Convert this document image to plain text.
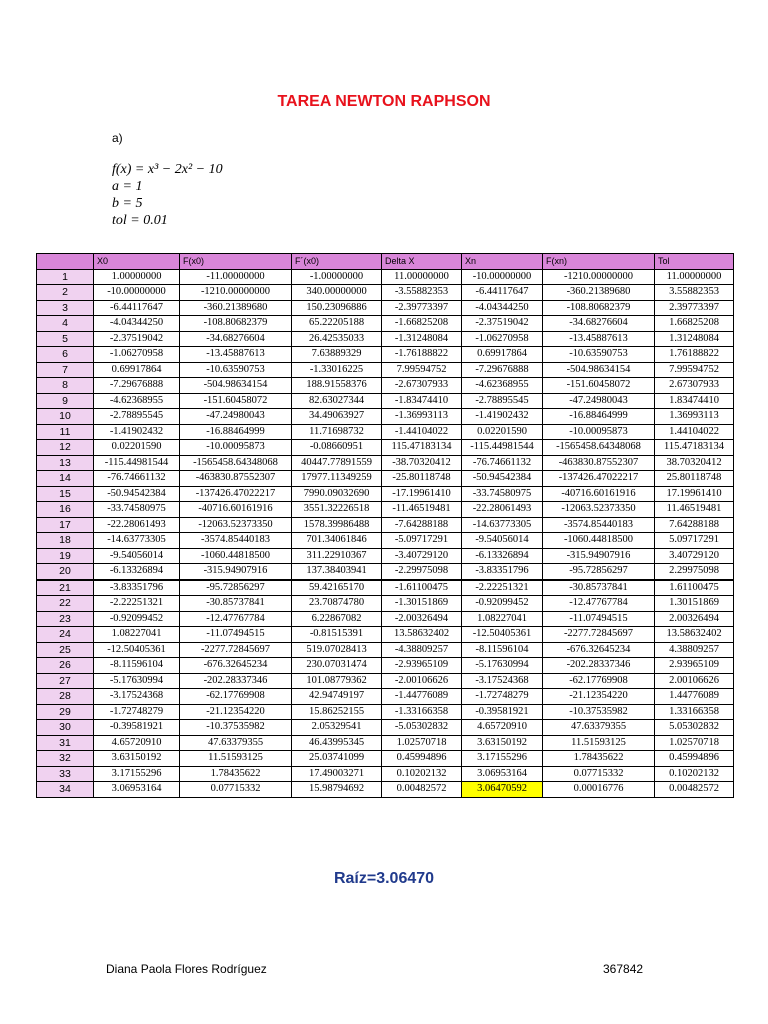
TAREA NEWTON RAPHSON
a)
f(x) = x³ − 2x² − 10
a = 1
b = 5
tol = 0.01
	X0	F(x0)	F´(x0)	Delta X	Xn	F(xn)	Tol
1	1.00000000	-11.00000000	-1.00000000	11.00000000	-10.00000000	-1210.00000000	11.00000000
2	-10.00000000	-1210.00000000	340.00000000	-3.55882353	-6.44117647	-360.21389680	3.55882353
3	-6.44117647	-360.21389680	150.23096886	-2.39773397	-4.04344250	-108.80682379	2.39773397
4	-4.04344250	-108.80682379	65.22205188	-1.66825208	-2.37519042	-34.68276604	1.66825208
5	-2.37519042	-34.68276604	26.42535033	-1.31248084	-1.06270958	-13.45887613	1.31248084
6	-1.06270958	-13.45887613	7.63889329	-1.76188822	0.69917864	-10.63590753	1.76188822
7	0.69917864	-10.63590753	-1.33016225	7.99594752	-7.29676888	-504.98634154	7.99594752
8	-7.29676888	-504.98634154	188.91558376	-2.67307933	-4.62368955	-151.60458072	2.67307933
9	-4.62368955	-151.60458072	82.63027344	-1.83474410	-2.78895545	-47.24980043	1.83474410
10	-2.78895545	-47.24980043	34.49063927	-1.36993113	-1.41902432	-16.88464999	1.36993113
11	-1.41902432	-16.88464999	11.71698732	-1.44104022	0.02201590	-10.00095873	1.44104022
12	0.02201590	-10.00095873	-0.08660951	115.47183134	-115.44981544	-1565458.64348068	115.47183134
13	-115.44981544	-1565458.64348068	40447.77891559	-38.70320412	-76.74661132	-463830.87552307	38.70320412
14	-76.74661132	-463830.87552307	17977.11349259	-25.80118748	-50.94542384	-137426.47022217	25.80118748
15	-50.94542384	-137426.47022217	7990.09032690	-17.19961410	-33.74580975	-40716.60161916	17.19961410
16	-33.74580975	-40716.60161916	3551.32226518	-11.46519481	-22.28061493	-12063.52373350	11.46519481
17	-22.28061493	-12063.52373350	1578.39986488	-7.64288188	-14.63773305	-3574.85440183	7.64288188
18	-14.63773305	-3574.85440183	701.34061846	-5.09717291	-9.54056014	-1060.44818500	5.09717291
19	-9.54056014	-1060.44818500	311.22910367	-3.40729120	-6.13326894	-315.94907916	3.40729120
20	-6.13326894	-315.94907916	137.38403941	-2.29975098	-3.83351796	-95.72856297	2.29975098
21	-3.83351796	-95.72856297	59.42165170	-1.61100475	-2.22251321	-30.85737841	1.61100475
22	-2.22251321	-30.85737841	23.70874780	-1.30151869	-0.92099452	-12.47767784	1.30151869
23	-0.92099452	-12.47767784	6.22867082	-2.00326494	1.08227041	-11.07494515	2.00326494
24	1.08227041	-11.07494515	-0.81515391	13.58632402	-12.50405361	-2277.72845697	13.58632402
25	-12.50405361	-2277.72845697	519.07028413	-4.38809257	-8.11596104	-676.32645234	4.38809257
26	-8.11596104	-676.32645234	230.07031474	-2.93965109	-5.17630994	-202.28337346	2.93965109
27	-5.17630994	-202.28337346	101.08779362	-2.00106626	-3.17524368	-62.17769908	2.00106626
28	-3.17524368	-62.17769908	42.94749197	-1.44776089	-1.72748279	-21.12354220	1.44776089
29	-1.72748279	-21.12354220	15.86252155	-1.33166358	-0.39581921	-10.37535982	1.33166358
30	-0.39581921	-10.37535982	2.05329541	-5.05302832	4.65720910	47.63379355	5.05302832
31	4.65720910	47.63379355	46.43995345	1.02570718	3.63150192	11.51593125	1.02570718
32	3.63150192	11.51593125	25.03741099	0.45994896	3.17155296	1.78435622	0.45994896
33	3.17155296	1.78435622	17.49003271	0.10202132	3.06953164	0.07715332	0.10202132
34	3.06953164	0.07715332	15.98794692	0.00482572	3.06470592	0.00016776	0.00482572
Raíz=3.06470
Diana Paola Flores Rodríguez	367842
